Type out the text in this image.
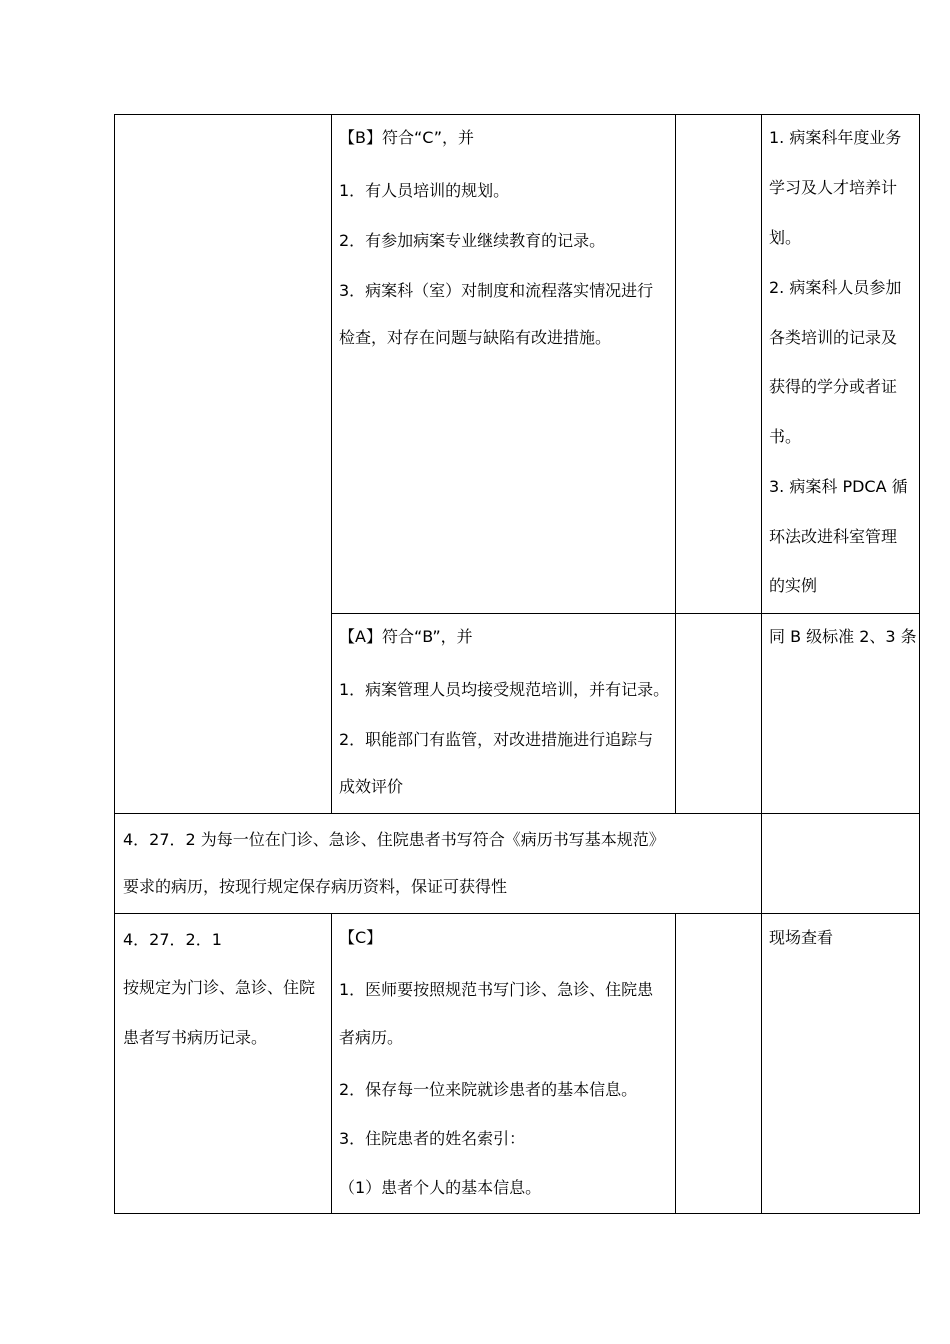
【B】符合“C”，并
1．有人员培训的规划。
2．有参加病案专业继续教育的记录。
3．病案科（室）对制度和流程落实情况进行
检查，对存在问题与缺陷有改进措施。
1. 病案科年度业务
学习及人才培养计
划。
2. 病案科人员参加
各类培训的记录及
获得的学分或者证
书。
3. 病案科 PDCA 循
环法改进科室管理
的实例
【A】符合“B”，并
1．病案管理人员均接受规范培训，并有记录。
2．职能部门有监管，对改进措施进行追踪与
成效评价
同 B 级标准 2、3 条
4．27．2 为每一位在门诊、急诊、住院患者书写符合《病历书写基本规范》
要求的病历，按现行规定保存病历资料，保证可获得性
4．27．2．1
按规定为门诊、急诊、住院
患者写书病历记录。
【C】
1．医师要按照规范书写门诊、急诊、住院患
者病历。
2．保存每一位来院就诊患者的基本信息。
3．住院患者的姓名索引：
（1）患者个人的基本信息。
现场查看
